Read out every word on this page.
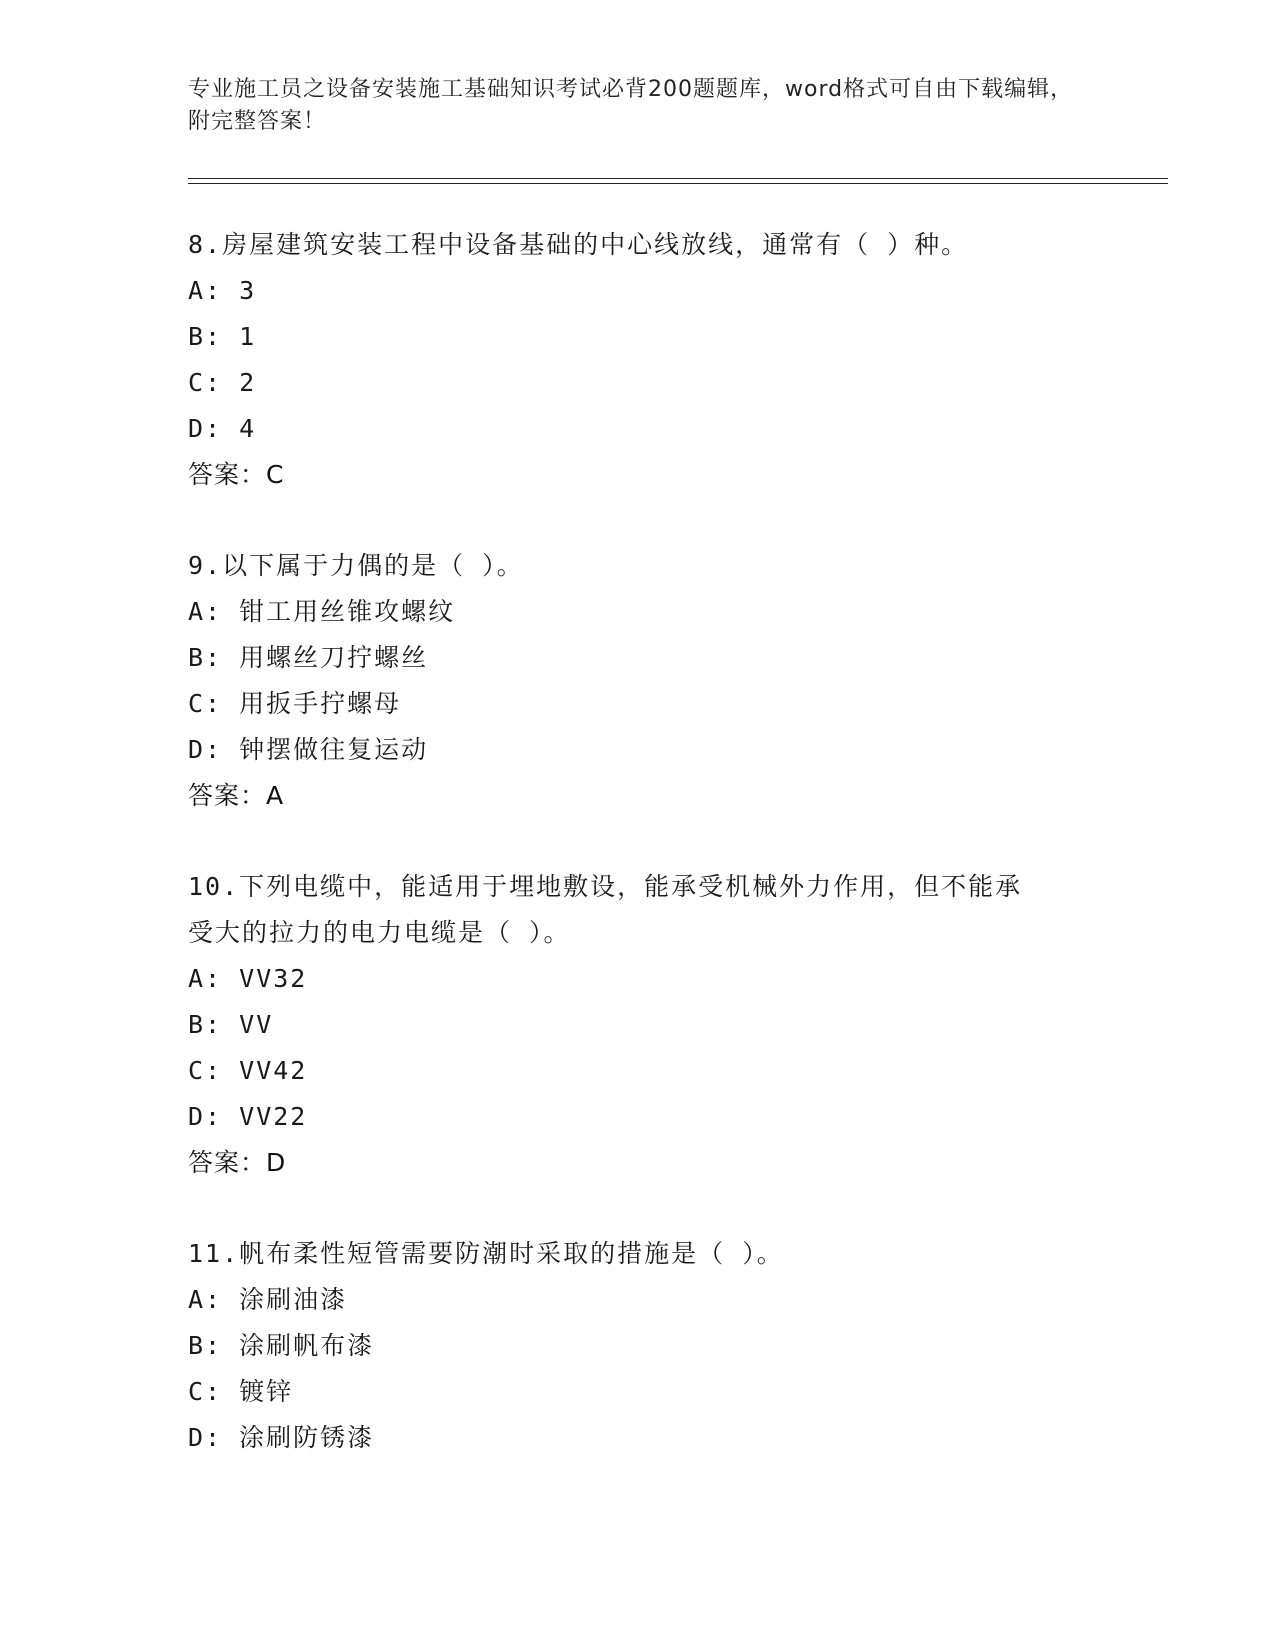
专业施工员之设备安装施工基础知识考试必背200题题库，word格式可自由下载编辑，附完整答案！

8.房屋建筑安装工程中设备基础的中心线放线，通常有（ ）种。

A: 3

B: 1

C: 2

D: 4

答案：C

9.以下属于力偶的是（ ）。

A: 钳工用丝锥攻螺纹

B: 用螺丝刀拧螺丝

C: 用扳手拧螺母

D: 钟摆做往复运动

答案：A

10.下列电缆中，能适用于埋地敷设，能承受机械外力作用，但不能承

受大的拉力的电力电缆是（ ）。

A: VV32

B: VV

C: VV42

D: VV22

答案：D

11.帆布柔性短管需要防潮时采取的措施是（ ）。

A: 涂刷油漆

B: 涂刷帆布漆

C: 镀锌

D: 涂刷防锈漆
